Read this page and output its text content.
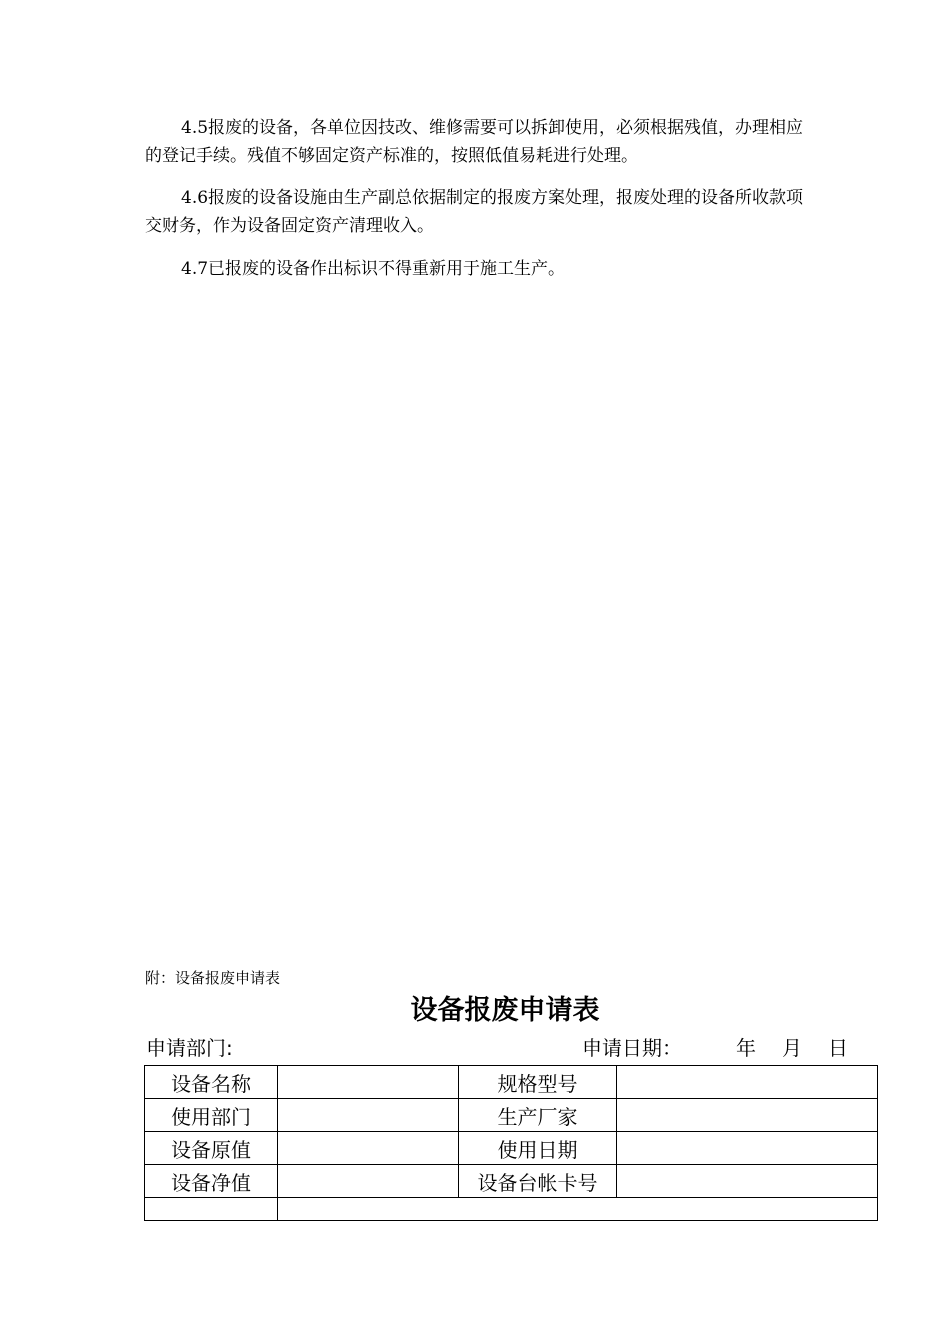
4.5报废的设备，各单位因技改、维修需要可以拆卸使用，必须根据残值，办理相应的登记手续。残值不够固定资产标准的，按照低值易耗进行处理。

4.6报废的设备设施由生产副总依据制定的报废方案处理，报废处理的设备所收款项交财务，作为设备固定资产清理收入。

4.7已报废的设备作出标识不得重新用于施工生产。

附：设备报废申请表
设备报废申请表
申请部门:	申请日期：	年 月 日
设备名称		规格型号	
使用部门		生产厂家	
设备原值		使用日期	
设备净值		设备台帐卡号	
